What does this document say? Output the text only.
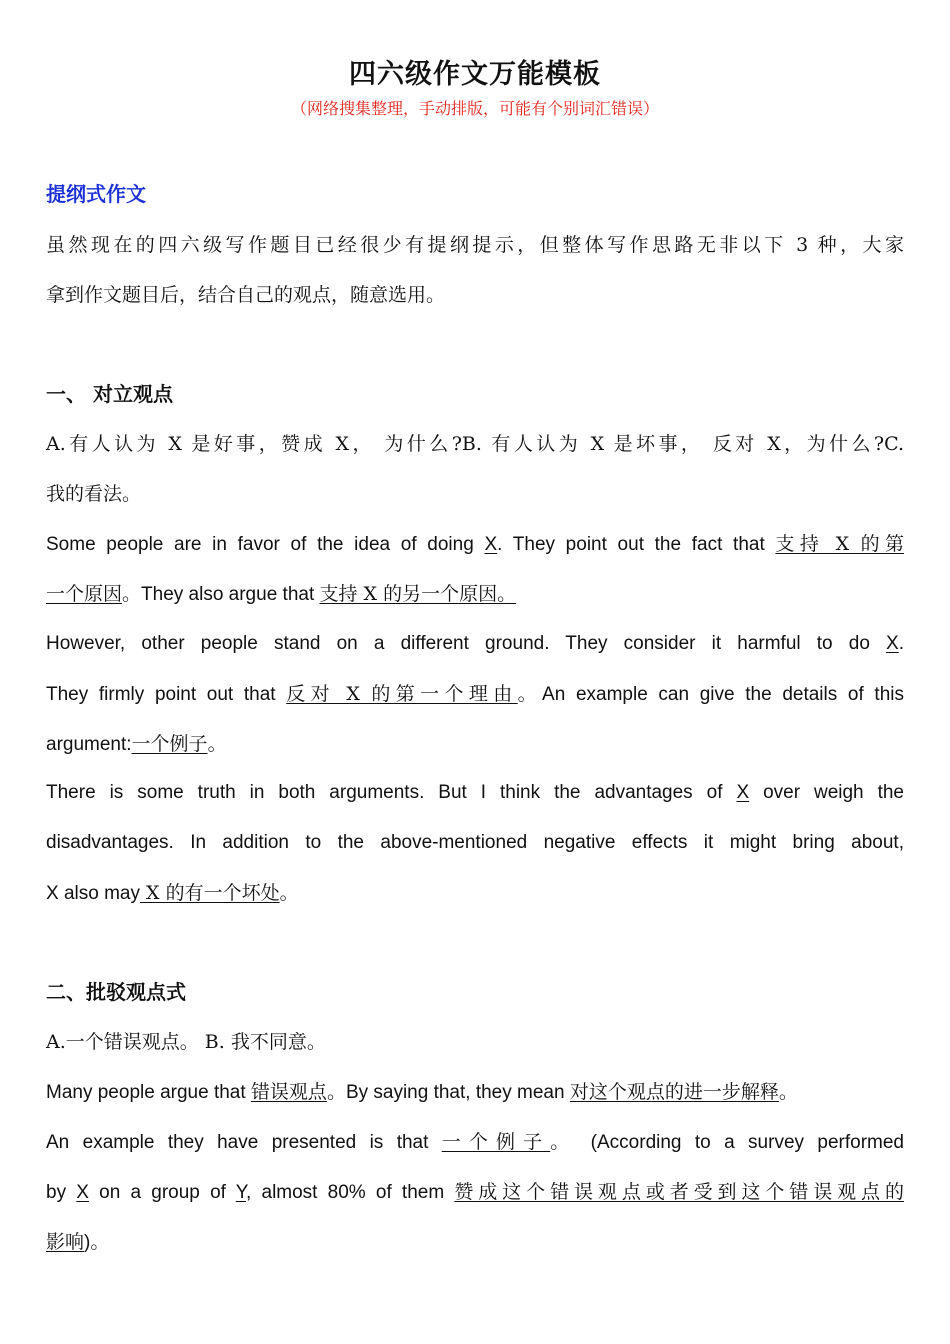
四六级作文万能模板
（网络搜集整理，手动排版，可能有个别词汇错误）
提纲式作文
虽然现在的四六级写作题目已经很少有提纲提示，但整体写作思路无非以下 3 种，大家
拿到作文题目后，结合自己的观点，随意选用。
一、 对立观点
A.有人认为 X 是好事，赞成 X， 为什么?B. 有人认为 X 是坏事， 反对 X，为什么?C.
我的看法。
Some people are in favor of the idea of doing X. They point out the fact that 支持 X 的第
一个原因。They also argue that 支持 X 的另一个原因。
However, other people stand on a different ground. They consider it harmful to do X.
They firmly point out that 反对 X 的第一个理由。An example can give the details of this
argument:一个例子。
There is some truth in both arguments. But I think the advantages of X over weigh the
disadvantages. In addition to the above-mentioned negative effects it might bring about,
X also may X 的有一个坏处。
二、批驳观点式
A.一个错误观点。 B. 我不同意。
Many people argue that 错误观点。By saying that, they mean 对这个观点的进一步解释。
An example they have presented is that 一个例子。 (According to a survey performed
by X on a group of Y, almost 80% of them 赞成这个错误观点或者受到这个错误观点的
影响)。
